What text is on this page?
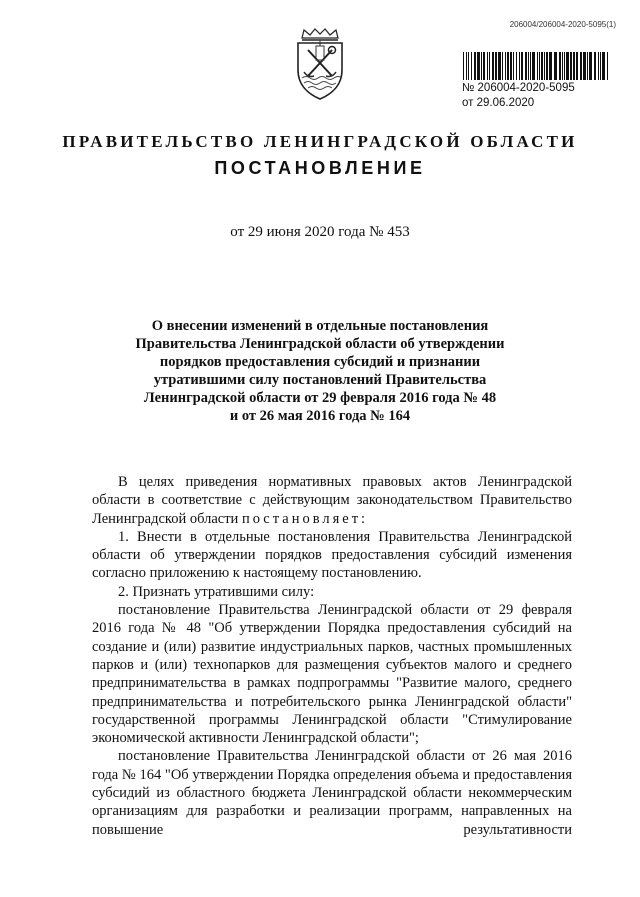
206004/206004-2020-5095(1)
№ 206004-2020-5095
от 29.06.2020
ПРАВИТЕЛЬСТВО ЛЕНИНГРАДСКОЙ ОБЛАСТИ
ПОСТАНОВЛЕНИЕ
от 29 июня 2020 года № 453
О внесении изменений в отдельные постановления
Правительства Ленинградской области об утверждении
порядков предоставления субсидий и признании
утратившими силу постановлений Правительства
Ленинградской области от 29 февраля 2016 года № 48
и от 26 мая 2016 года № 164

В целях приведения нормативных правовых актов Ленинградской области в соответствие с действующим законодательством Правительство Ленинградской области постановляет:

1. Внести в отдельные постановления Правительства Ленинградской области об утверждении порядков предоставления субсидий изменения согласно приложению к настоящему постановлению.

2. Признать утратившими силу:

постановление Правительства Ленинградской области от 29 февраля 2016 года № 48 "Об утверждении Порядка предоставления субсидий на создание и (или) развитие индустриальных парков, частных промышленных парков и (или) технопарков для размещения субъектов малого и среднего предпринимательства в рамках подпрограммы "Развитие малого, среднего предпринимательства и потребительского рынка Ленинградской области" государственной программы Ленинградской области "Стимулирование экономической активности Ленинградской области";

постановление Правительства Ленинградской области от 26 мая 2016 года № 164 "Об утверждении Порядка определения объема и предоставления субсидий из областного бюджета Ленинградской области некоммерческим организациям для разработки и реализации программ, направленных на повышение результативности
